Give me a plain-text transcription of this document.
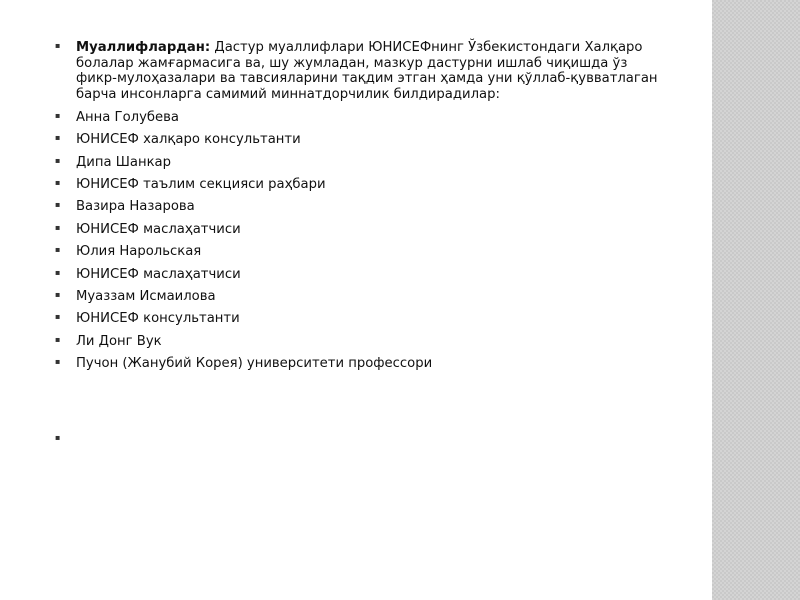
▪ Муаллифлардан: Дастур муаллифлари ЮНИСЕФнинг Ўзбекистондаги Халқаро болалар жамғармасига ва, шу жумладан, мазкур дастурни ишлаб чиқишда ўз фикр-мулоҳазалари ва тавсияларини тақдим этган ҳамда уни қўллаб-қувватлаган барча инсонларга самимий миннатдорчилик билдирадилар:
▪ Анна Голубева
▪ ЮНИСЕФ халқаро консультанти
▪ Дипа Шанкар
▪ ЮНИСЕФ таълим секцияси раҳбари
▪ Вазира Назарова
▪ ЮНИСЕФ маслаҳатчиси
▪ Юлия Нарольская
▪ ЮНИСЕФ маслаҳатчиси
▪ Муаззам Исмаилова
▪ ЮНИСЕФ консультанти
▪ Ли Донг Вук
▪ Пучон (Жанубий Корея) университети профессори
▪
